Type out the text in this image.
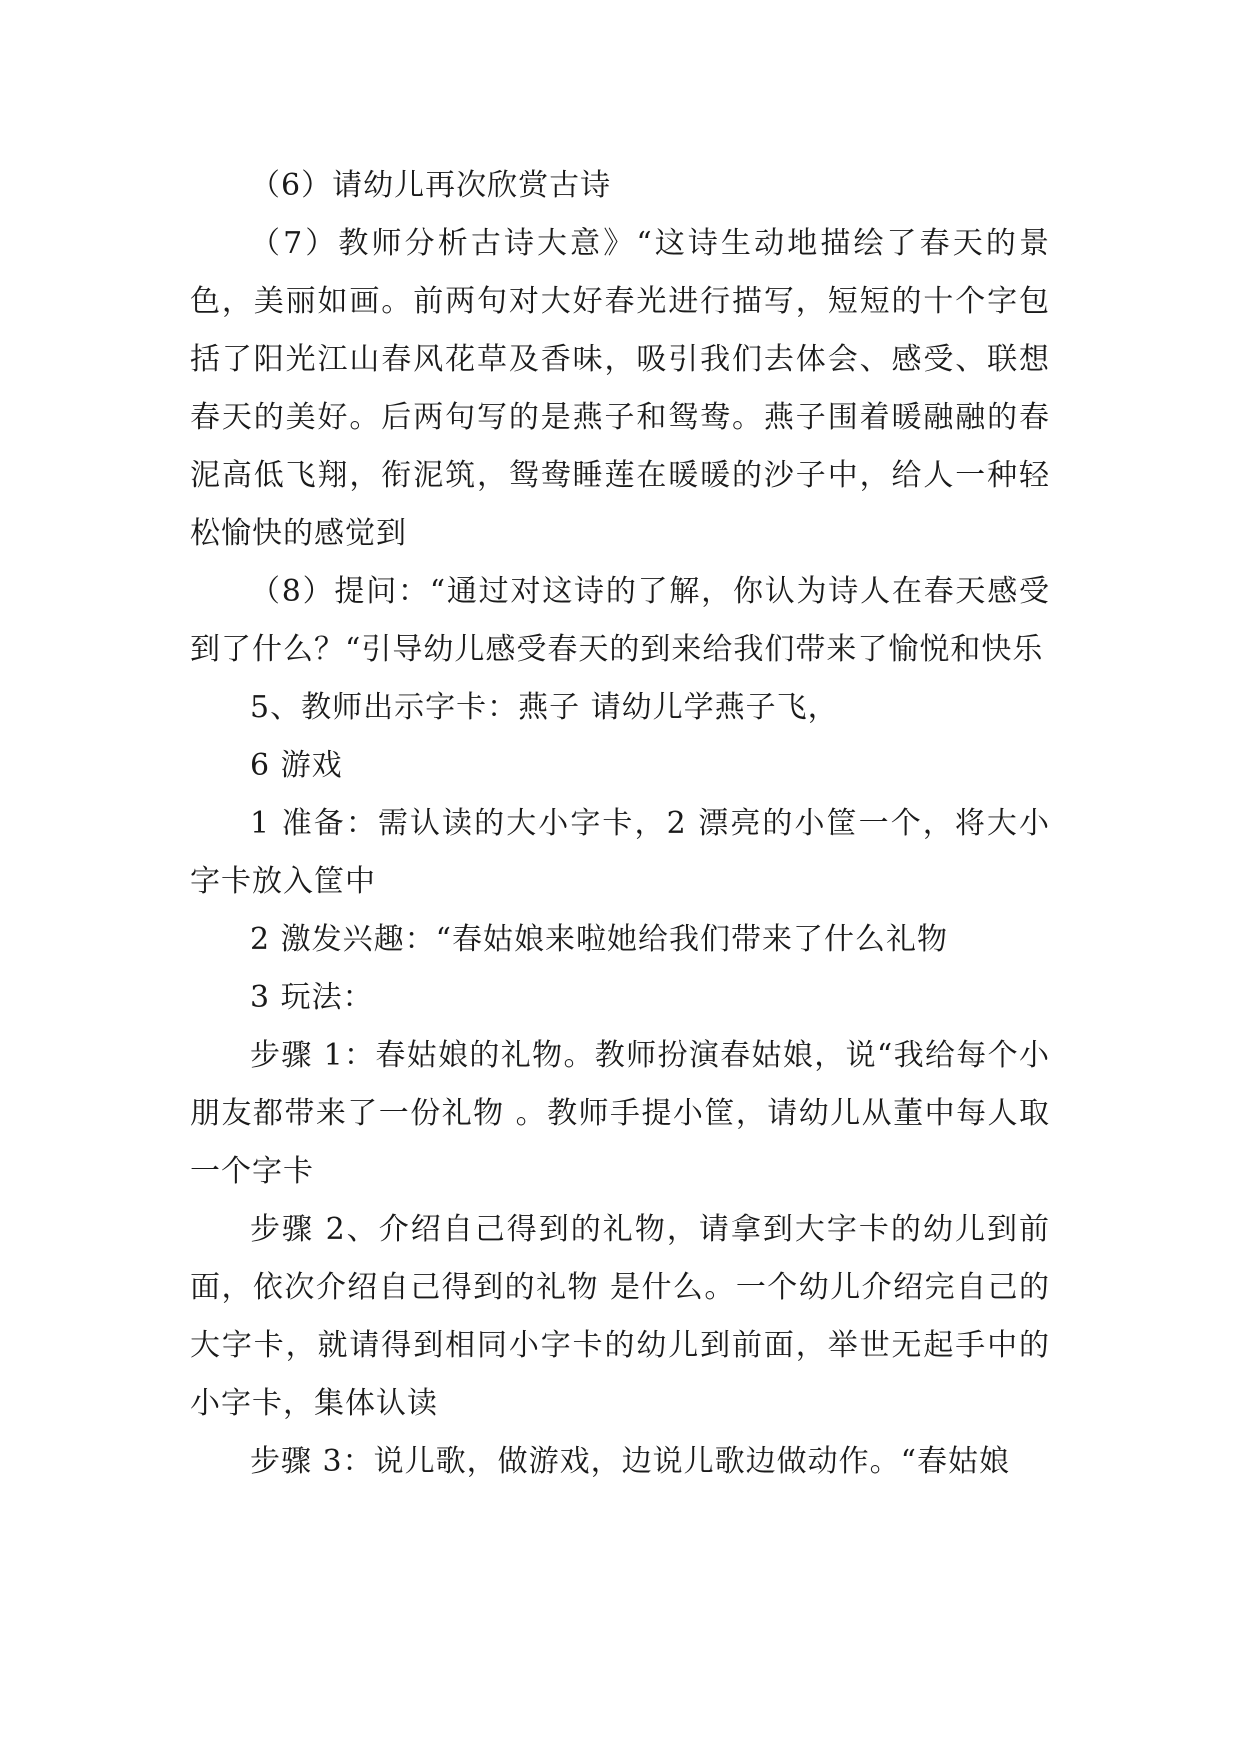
（6）请幼儿再次欣赏古诗

（7）教师分析古诗大意》“这诗生动地描绘了春天的景色，美丽如画。前两句对大好春光进行描写，短短的十个字包括了阳光江山春风花草及香味，吸引我们去体会、感受、联想春天的美好。后两句写的是燕子和鸳鸯。燕子围着暖融融的春泥高低飞翔，衔泥筑，鸳鸯睡莲在暖暖的沙子中，给人一种轻松愉快的感觉到

（8）提问：“通过对这诗的了解，你认为诗人在春天感受到了什么？“引导幼儿感受春天的到来给我们带来了愉悦和快乐

5、教师出示字卡：燕子 请幼儿学燕子飞，

6 游戏

1 准备：需认读的大小字卡，2 漂亮的小筐一个，将大小字卡放入筐中

2 激发兴趣：“春姑娘来啦她给我们带来了什么礼物

3 玩法：

步骤 1：春姑娘的礼物。教师扮演春姑娘，说“我给每个小朋友都带来了一份礼物 。教师手提小筐，请幼儿从董中每人取一个字卡

步骤 2、介绍自己得到的礼物，请拿到大字卡的幼儿到前面，依次介绍自己得到的礼物 是什么。一个幼儿介绍完自己的大字卡，就请得到相同小字卡的幼儿到前面，举世无起手中的小字卡，集体认读

步骤 3：说儿歌，做游戏，边说儿歌边做动作。“春姑娘
